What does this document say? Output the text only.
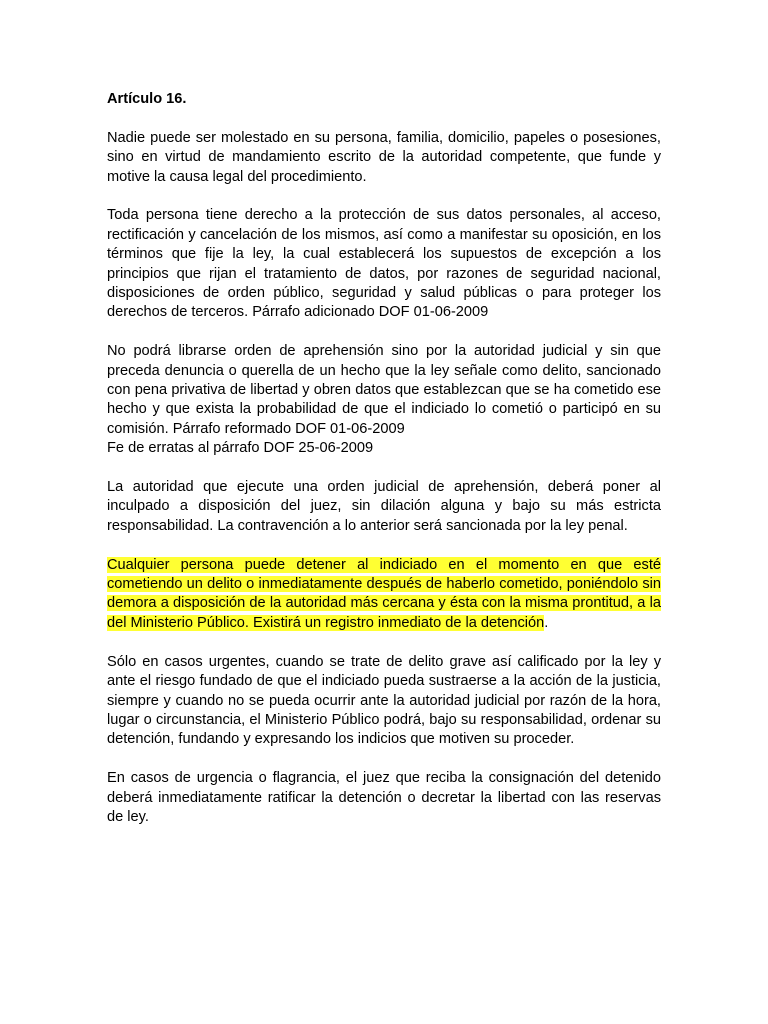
Artículo 16.

Nadie puede ser molestado en su persona, familia, domicilio, papeles o posesiones, sino en virtud de mandamiento escrito de la autoridad competente, que funde y motive la causa legal del procedimiento.

Toda persona tiene derecho a la protección de sus datos personales, al acceso, rectificación y cancelación de los mismos, así como a manifestar su oposición, en los términos que fije la ley, la cual establecerá los supuestos de excepción a los principios que rijan el tratamiento de datos, por razones de seguridad nacional, disposiciones de orden público, seguridad y salud públicas o para proteger los derechos de terceros. Párrafo adicionado DOF 01-06-2009

No podrá librarse orden de aprehensión sino por la autoridad judicial y sin que preceda denuncia o querella de un hecho que la ley señale como delito, sancionado con pena privativa de libertad y obren datos que establezcan que se ha cometido ese hecho y que exista la probabilidad de que el indiciado lo cometió o participó en su comisión. Párrafo reformado DOF 01-06-2009
Fe de erratas al párrafo DOF 25-06-2009

La autoridad que ejecute una orden judicial de aprehensión, deberá poner al inculpado a disposición del juez, sin dilación alguna y bajo su más estricta responsabilidad. La contravención a lo anterior será sancionada por la ley penal.

Cualquier persona puede detener al indiciado en el momento en que esté cometiendo un delito o inmediatamente después de haberlo cometido, poniéndolo sin demora a disposición de la autoridad más cercana y ésta con la misma prontitud, a la del Ministerio Público. Existirá un registro inmediato de la detención.

Sólo en casos urgentes, cuando se trate de delito grave así calificado por la ley y ante el riesgo fundado de que el indiciado pueda sustraerse a la acción de la justicia, siempre y cuando no se pueda ocurrir ante la autoridad judicial por razón de la hora, lugar o circunstancia, el Ministerio Público podrá, bajo su responsabilidad, ordenar su detención, fundando y expresando los indicios que motiven su proceder.

En casos de urgencia o flagrancia, el juez que reciba la consignación del detenido deberá inmediatamente ratificar la detención o decretar la libertad con las reservas de ley.
